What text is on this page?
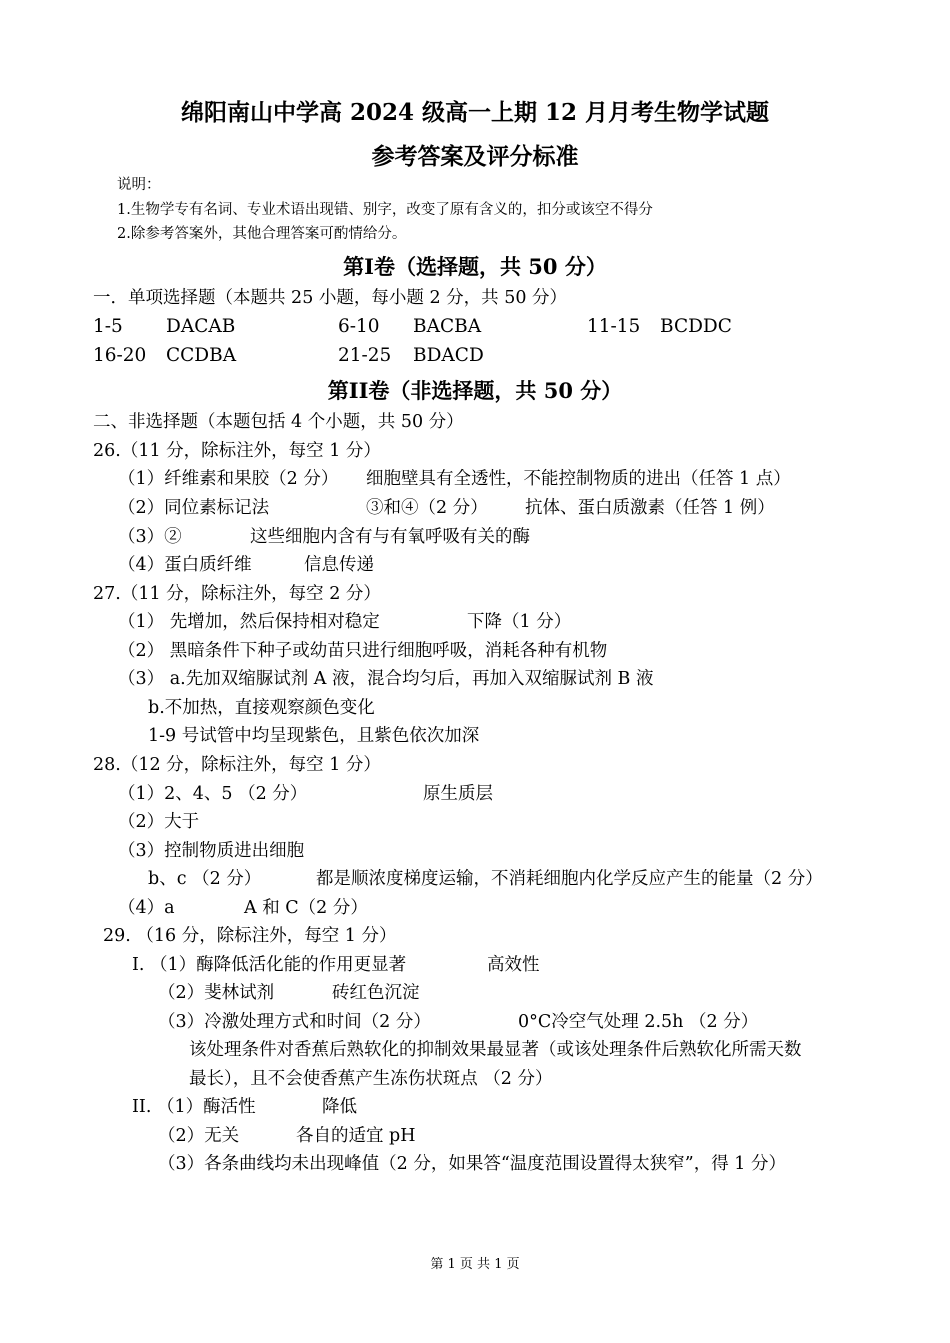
绵阳南山中学高 2024 级高一上期 12 月月考生物学试题
参考答案及评分标准
说明：
1.生物学专有名词、专业术语出现错、别字，改变了原有含义的，扣分或该空不得分
2.除参考答案外，其他合理答案可酌情给分。
第Ⅰ卷（选择题，共 50 分）
一．单项选择题（本题共 25 小题，每小题 2 分，共 50 分）
1-5 DACAB	6-10 BACBA	11-15 BCDDC
16-20 CCDBA	21-25 BDACD
第II卷（非选择题，共 50 分）
二、非选择题（本题包括 4 个小题，共 50 分）
26.（11 分，除标注外，每空 1 分）
（1）纤维素和果胶（2 分） 细胞壁具有全透性，不能控制物质的进出（任答 1 点）
（2）同位素标记法	③和④（2 分） 抗体、蛋白质激素（任答 1 例）
（3）②	这些细胞内含有与有氧呼吸有关的酶
（4）蛋白质纤维	信息传递
27.（11 分，除标注外，每空 2 分）
（1） 先增加，然后保持相对稳定	下降（1 分）
（2） 黑暗条件下种子或幼苗只进行细胞呼吸，消耗各种有机物
（3） a.先加双缩脲试剂 A 液，混合均匀后，再加入双缩脲试剂 B 液
b.不加热，直接观察颜色变化
1-9 号试管中均呈现紫色，且紫色依次加深
28.（12 分，除标注外，每空 1 分）
（1）2、4、5 （2 分）	原生质层
（2）大于
（3）控制物质进出细胞
b、c （2 分）	都是顺浓度梯度运输，不消耗细胞内化学反应产生的能量（2 分）
（4）a	A 和 C（2 分）
29. （16 分，除标注外，每空 1 分）
I. （1）酶降低活化能的作用更显著	高效性
（2）斐林试剂	砖红色沉淀
（3）冷激处理方式和时间（2 分）	0°C冷空气处理 2.5h （2 分）
该处理条件对香蕉后熟软化的抑制效果最显著（或该处理条件后熟软化所需天数
最长），且不会使香蕉产生冻伤状斑点 （2 分）
II. （1）酶活性	降低
（2）无关	各自的适宜 pH
（3）各条曲线均未出现峰值（2 分，如果答“温度范围设置得太狭窄”，得 1 分）
第 1 页 共 1 页
